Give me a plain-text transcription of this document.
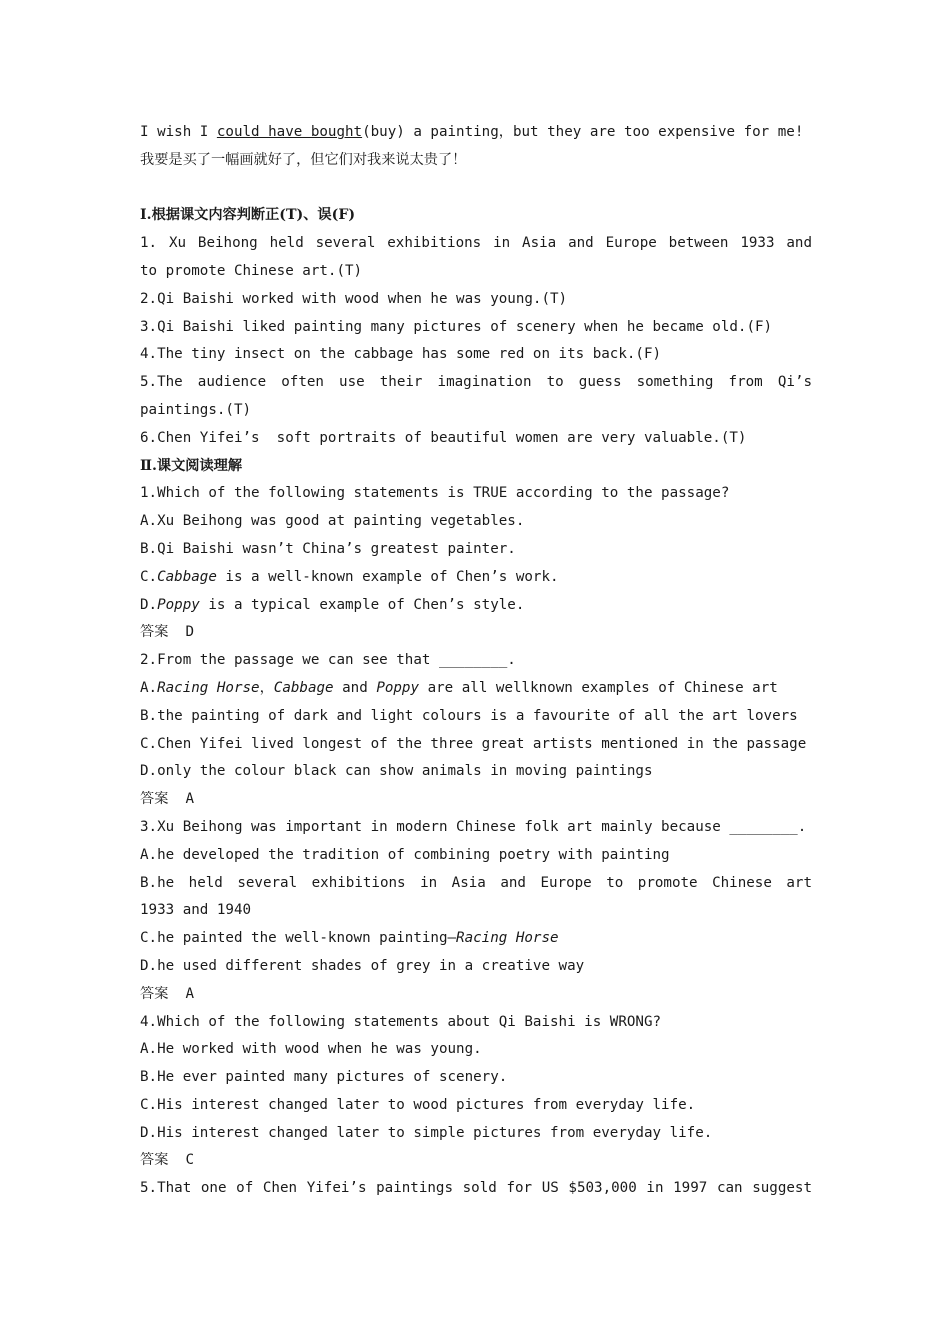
I wish I could have bought(buy) a painting，but they are too expensive for me!
我要是买了一幅画就好了，但它们对我来说太贵了！
Ⅰ.根据课文内容判断正(T)、误(F)
1. Xu Beihong held several exhibitions in Asia and Europe between 1933 and
to promote Chinese art.(T)
2.Qi Baishi worked with wood when he was young.(T)
3.Qi Baishi liked painting many pictures of scenery when he became old.(F)
4.The tiny insect on the cabbage has some red on its back.(F)
5.The audience often use their imagination to guess something from Qi’s
paintings.(T)
6.Chen Yifei’s  soft portraits of beautiful women are very valuable.(T)
Ⅱ.课文阅读理解
1.Which of the following statements is TRUE according to the passage?
A.Xu Beihong was good at painting vegetables.
B.Qi Baishi wasn’t China’s greatest painter.
C.Cabbage is a well-known example of Chen’s work.
D.Poppy is a typical example of Chen’s style.
答案 D
2.From the passage we can see that ________.
A.Racing Horse，Cabbage and Poppy are all wellknown examples of Chinese art
B.the painting of dark and light colours is a favourite of all the art lovers
C.Chen Yifei lived longest of the three great artists mentioned in the passage
D.only the colour black can show animals in moving paintings
答案 A
3.Xu Beihong was important in modern Chinese folk art mainly because ________.
A.he developed the tradition of combining poetry with painting
B.he held several exhibitions in Asia and Europe to promote Chinese art
1933 and 1940
C.he painted the well-known painting—Racing Horse
D.he used different shades of grey in a creative way
答案 A
4.Which of the following statements about Qi Baishi is WRONG?
A.He worked with wood when he was young.
B.He ever painted many pictures of scenery.
C.His interest changed later to wood pictures from everyday life.
D.His interest changed later to simple pictures from everyday life.
答案 C
5.That one of Chen Yifei’s paintings sold for US $503,000 in 1997 can suggest
